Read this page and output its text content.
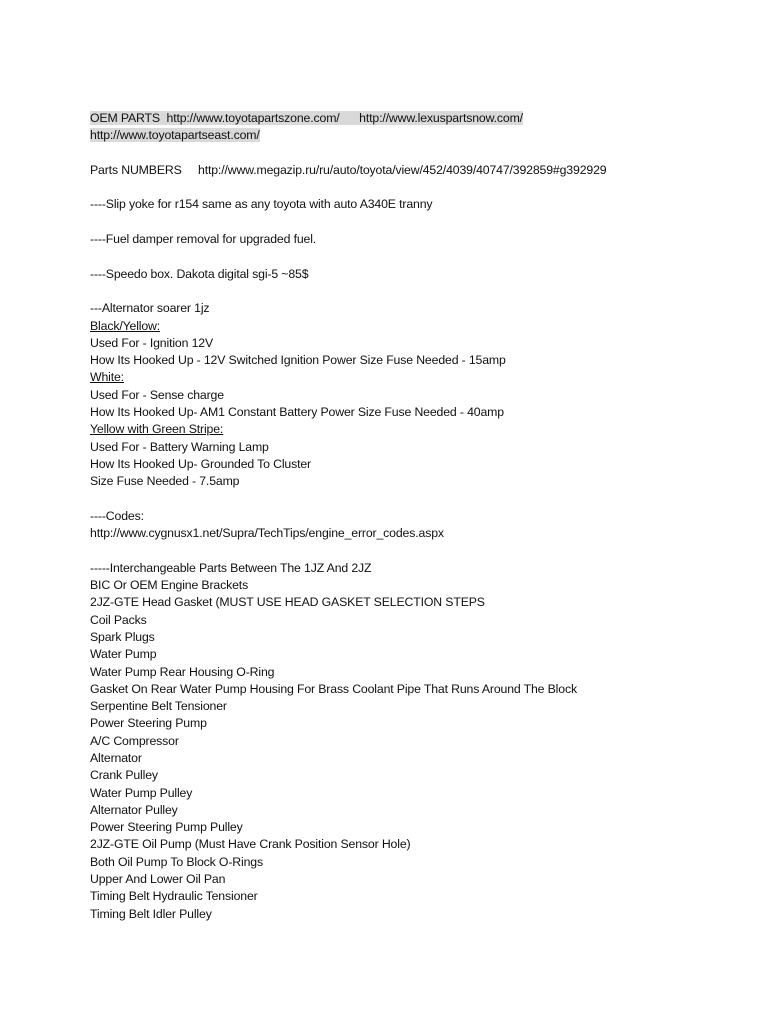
OEM PARTS http://www.toyotapartszone.com/ http://www.lexuspartsnow.com/
http://www.toyotapartseast.com/
Parts NUMBERS http://www.megazip.ru/ru/auto/toyota/view/452/4039/40747/392859#g392929
----Slip yoke for r154 same as any toyota with auto A340E tranny
----Fuel damper removal for upgraded fuel.
----Speedo box. Dakota digital sgi-5 ~85$
---Alternator soarer 1jz
Black/Yellow:
Used For - Ignition 12V
How Its Hooked Up - 12V Switched Ignition Power Size Fuse Needed - 15amp
White:
Used For - Sense charge
How Its Hooked Up- AM1 Constant Battery Power Size Fuse Needed - 40amp
Yellow with Green Stripe:
Used For - Battery Warning Lamp
How Its Hooked Up- Grounded To Cluster
Size Fuse Needed - 7.5amp
----Codes:
http://www.cygnusx1.net/Supra/TechTips/engine_error_codes.aspx
-----Interchangeable Parts Between The 1JZ And 2JZ
BIC Or OEM Engine Brackets
2JZ-GTE Head Gasket (MUST USE HEAD GASKET SELECTION STEPS
Coil Packs
Spark Plugs
Water Pump
Water Pump Rear Housing O-Ring
Gasket On Rear Water Pump Housing For Brass Coolant Pipe That Runs Around The Block
Serpentine Belt Tensioner
Power Steering Pump
A/C Compressor
Alternator
Crank Pulley
Water Pump Pulley
Alternator Pulley
Power Steering Pump Pulley
2JZ-GTE Oil Pump (Must Have Crank Position Sensor Hole)
Both Oil Pump To Block O-Rings
Upper And Lower Oil Pan
Timing Belt Hydraulic Tensioner
Timing Belt Idler Pulley
